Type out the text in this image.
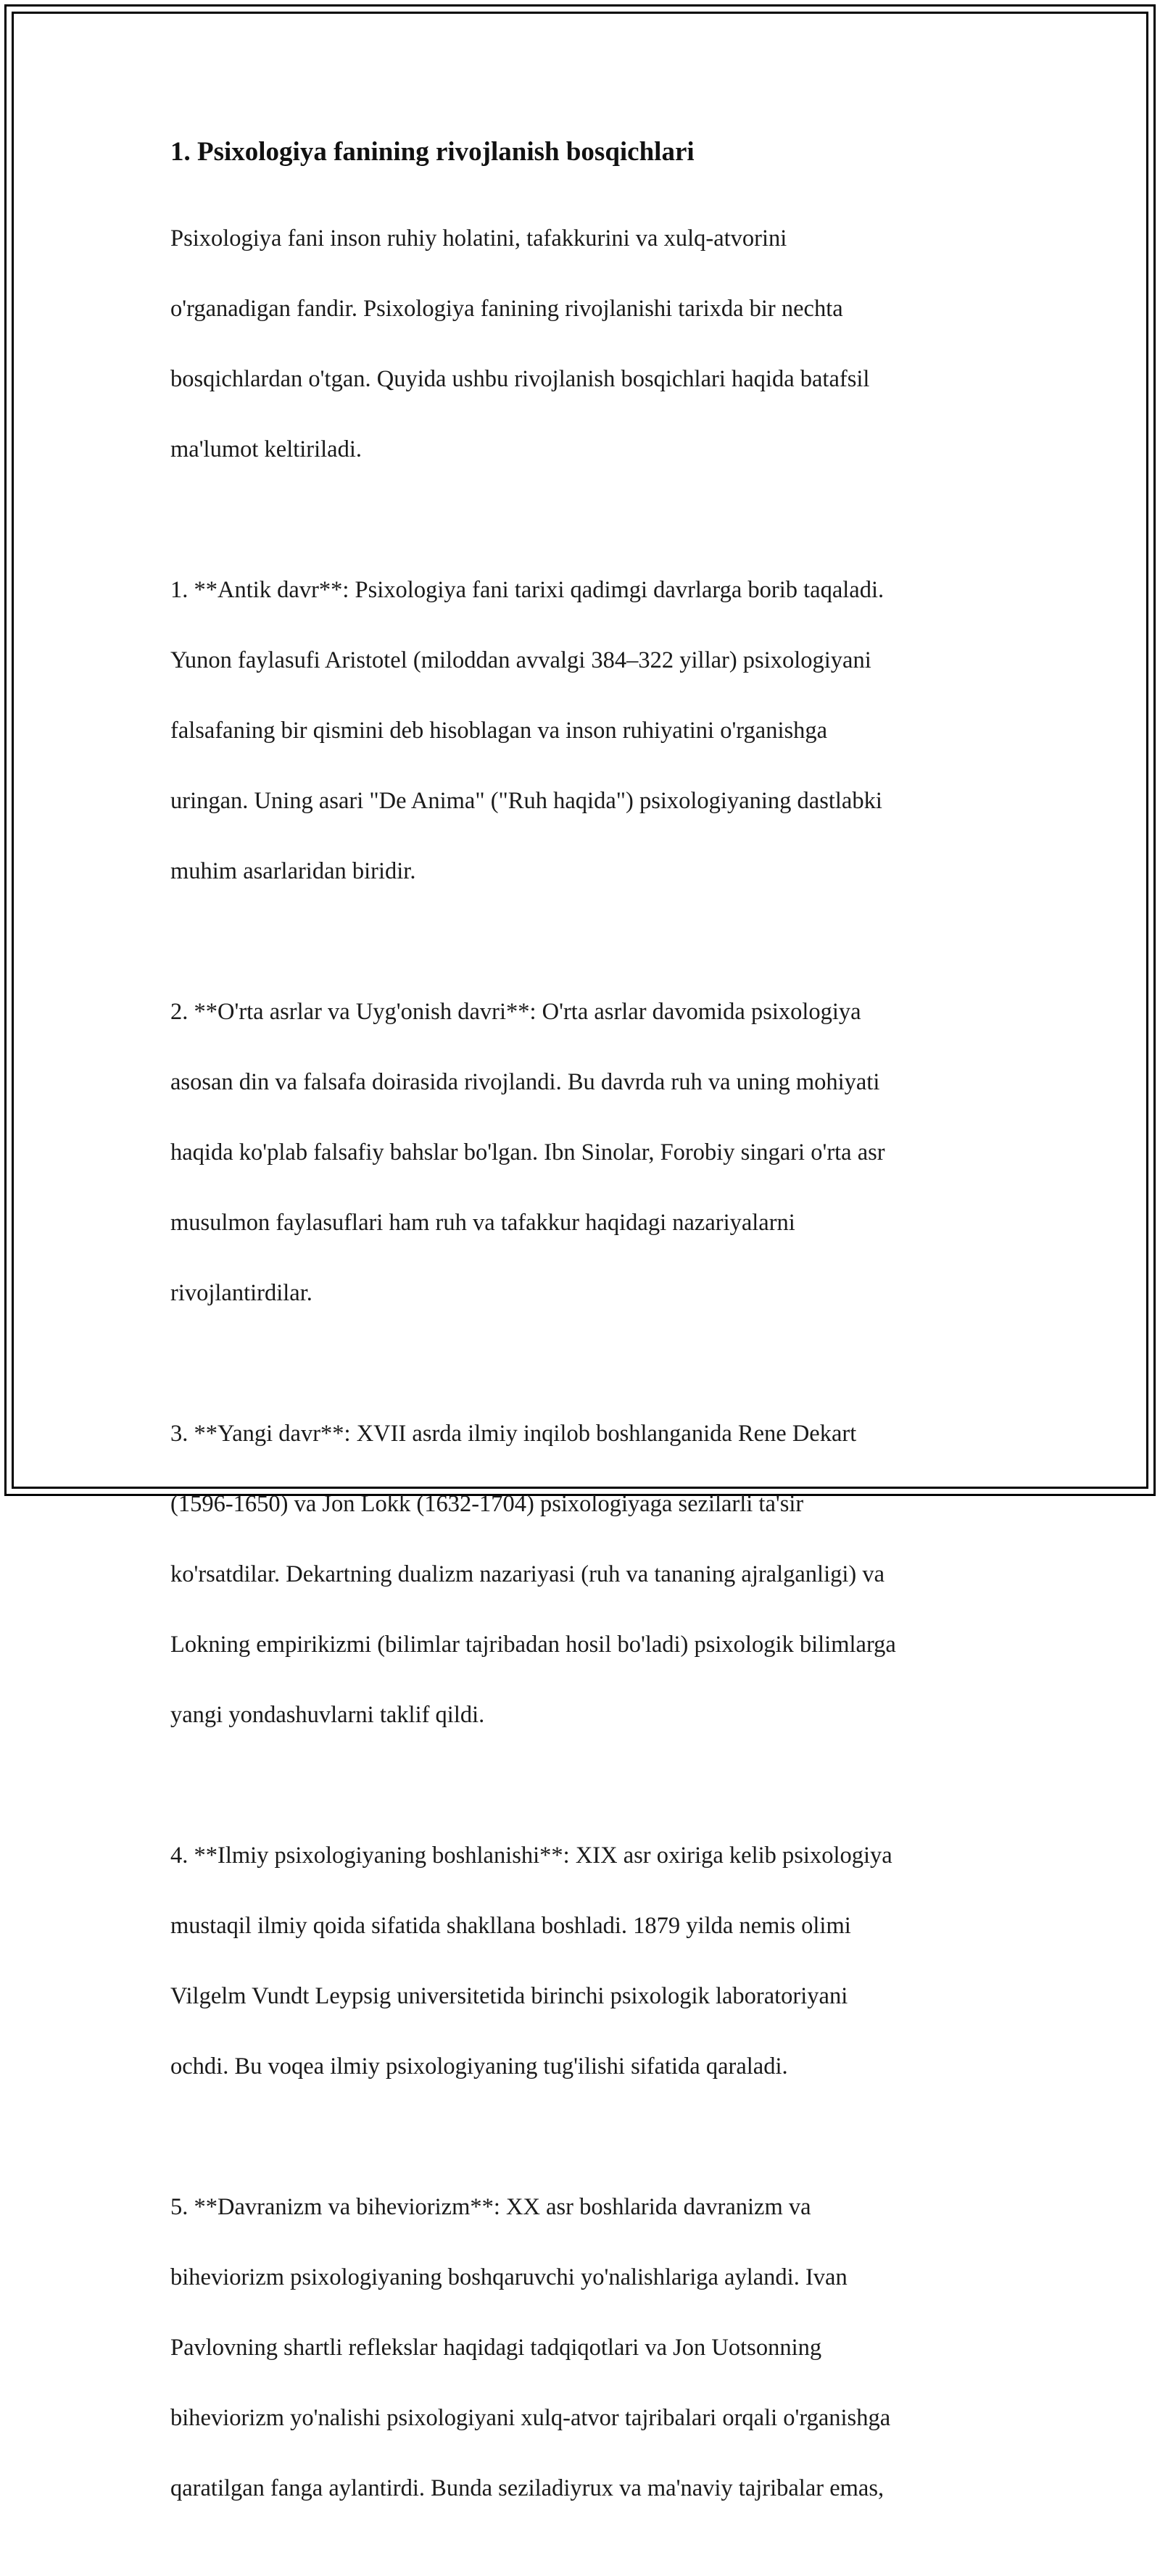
1. Psixologiya fanining rivojlanish bosqichlari

Psixologiya fani inson ruhiy holatini, tafakkurini va xulq-atvorini

o'rganadigan fandir. Psixologiya fanining rivojlanishi tarixda bir nechta

bosqichlardan o'tgan. Quyida ushbu rivojlanish bosqichlari haqida batafsil

ma'lumot keltiriladi.

1. **Antik davr**: Psixologiya fani tarixi qadimgi davrlarga borib taqaladi.

Yunon faylasufi Aristotel (miloddan avvalgi 384–322 yillar) psixologiyani

falsafaning bir qismini deb hisoblagan va inson ruhiyatini o'rganishga

uringan. Uning asari "De Anima" ("Ruh haqida") psixologiyaning dastlabki

muhim asarlaridan biridir.

2. **O'rta asrlar va Uyg'onish davri**: O'rta asrlar davomida psixologiya

asosan din va falsafa doirasida rivojlandi. Bu davrda ruh va uning mohiyati

haqida ko'plab falsafiy bahslar bo'lgan. Ibn Sinolar, Forobiy singari o'rta asr

musulmon faylasuflari ham ruh va tafakkur haqidagi nazariyalarni

rivojlantirdilar.

3. **Yangi davr**: XVII asrda ilmiy inqilob boshlanganida Rene Dekart

(1596-1650) va Jon Lokk (1632-1704) psixologiyaga sezilarli ta'sir

ko'rsatdilar. Dekartning dualizm nazariyasi (ruh va tananing ajralganligi) va

Lokning empirikizmi (bilimlar tajribadan hosil bo'ladi) psixologik bilimlarga

yangi yondashuvlarni taklif qildi.

4. **Ilmiy psixologiyaning boshlanishi**: XIX asr oxiriga kelib psixologiya

mustaqil ilmiy qoida sifatida shakllana boshladi. 1879 yilda nemis olimi

Vilgelm Vundt Leypsig universitetida birinchi psixologik laboratoriyani

ochdi. Bu voqea ilmiy psixologiyaning tug'ilishi sifatida qaraladi.

5. **Davranizm va biheviorizm**: XX asr boshlarida davranizm va

biheviorizm psixologiyaning boshqaruvchi yo'nalishlariga aylandi. Ivan

Pavlovning shartli reflekslar haqidagi tadqiqotlari va Jon Uotsonning

biheviorizm yo'nalishi psixologiyani xulq-atvor tajribalari orqali o'rganishga

qaratilgan fanga aylantirdi. Bunda seziladiyrux va ma'naviy tajribalar emas,
